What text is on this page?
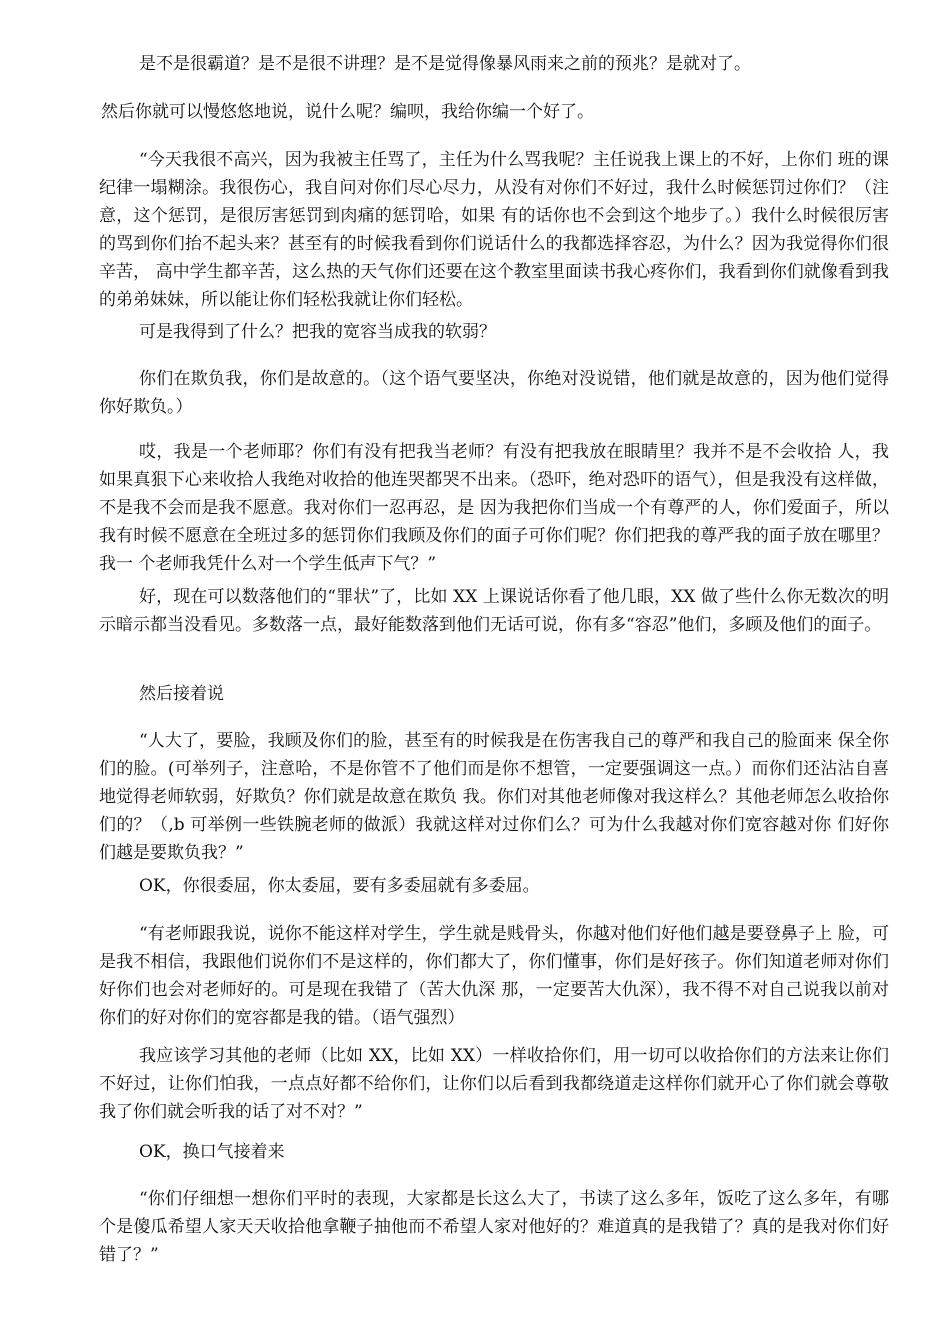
是不是很霸道？是不是很不讲理？是不是觉得像暴风雨来之前的预兆？是就对了。

然后你就可以慢悠悠地说，说什么呢？编呗，我给你编一个好了。

“今天我很不高兴，因为我被主任骂了，主任为什么骂我呢？主任说我上课上的不好，上你们 班的课纪律一塌糊涂。我很伤心，我自问对你们尽心尽力，从没有对你们不好过，我什么时候惩罚过你们？（注意，这个惩罚，是很厉害惩罚到肉痛的惩罚哈，如果 有的话你也不会到这个地步了。）我什么时候很厉害的骂到你们抬不起头来？甚至有的时候我看到你们说话什么的我都选择容忍，为什么？因为我觉得你们很辛苦， 高中学生都辛苦，这么热的天气你们还要在这个教室里面读书我心疼你们，我看到你们就像看到我的弟弟妹妹，所以能让你们轻松我就让你们轻松。

可是我得到了什么？把我的宽容当成我的软弱？

你们在欺负我，你们是故意的。（这个语气要坚决，你绝对没说错，他们就是故意的，因为他们觉得你好欺负。）

哎，我是一个老师耶？你们有没有把我当老师？有没有把我放在眼睛里？我并不是不会收拾 人，我如果真狠下心来收拾人我绝对收拾的他连哭都哭不出来。（恐吓，绝对恐吓的语气），但是我没有这样做，不是我不会而是我不愿意。我对你们一忍再忍，是 因为我把你们当成一个有尊严的人，你们爱面子，所以我有时候不愿意在全班过多的惩罚你们我顾及你们的面子可你们呢？你们把我的尊严我的面子放在哪里？我一 个老师我凭什么对一个学生低声下气？”

好，现在可以数落他们的“罪状”了，比如 XX 上课说话你看了他几眼，XX 做了些什么你无数次的明示暗示都当没看见。多数落一点，最好能数落到他们无话可说，你有多“容忍”他们，多顾及他们的面子。

然后接着说

“人大了，要脸，我顾及你们的脸，甚至有的时候我是在伤害我自己的尊严和我自己的脸面来 保全你们的脸。(可举列子，注意哈，不是你管不了他们而是你不想管，一定要强调这一点。）而你们还沾沾自喜地觉得老师软弱，好欺负？你们就是故意在欺负 我。你们对其他老师像对我这样么？其他老师怎么收拾你们的？（,b 可举例一些铁腕老师的做派）我就这样对过你们么？可为什么我越对你们宽容越对你 们好你们越是要欺负我？”

OK，你很委屈，你太委屈，要有多委屈就有多委屈。

“有老师跟我说，说你不能这样对学生，学生就是贱骨头，你越对他们好他们越是要登鼻子上 脸，可是我不相信，我跟他们说你们不是这样的，你们都大了，你们懂事，你们是好孩子。你们知道老师对你们好你们也会对老师好的。可是现在我错了（苦大仇深 那，一定要苦大仇深），我不得不对自己说我以前对你们的好对你们的宽容都是我的错。（语气强烈）

我应该学习其他的老师（比如 XX，比如 XX）一样收拾你们，用一切可以收拾你们的方法来让你们不好过，让你们怕我，一点点好都不给你们，让你们以后看到我都绕道走这样你们就开心了你们就会尊敬我了你们就会听我的话了对不对？”

OK，换口气接着来

“你们仔细想一想你们平时的表现，大家都是长这么大了，书读了这么多年，饭吃了这么多年，有哪个是傻瓜希望人家天天收拾他拿鞭子抽他而不希望人家对他好的？难道真的是我错了？真的是我对你们好错了？”
